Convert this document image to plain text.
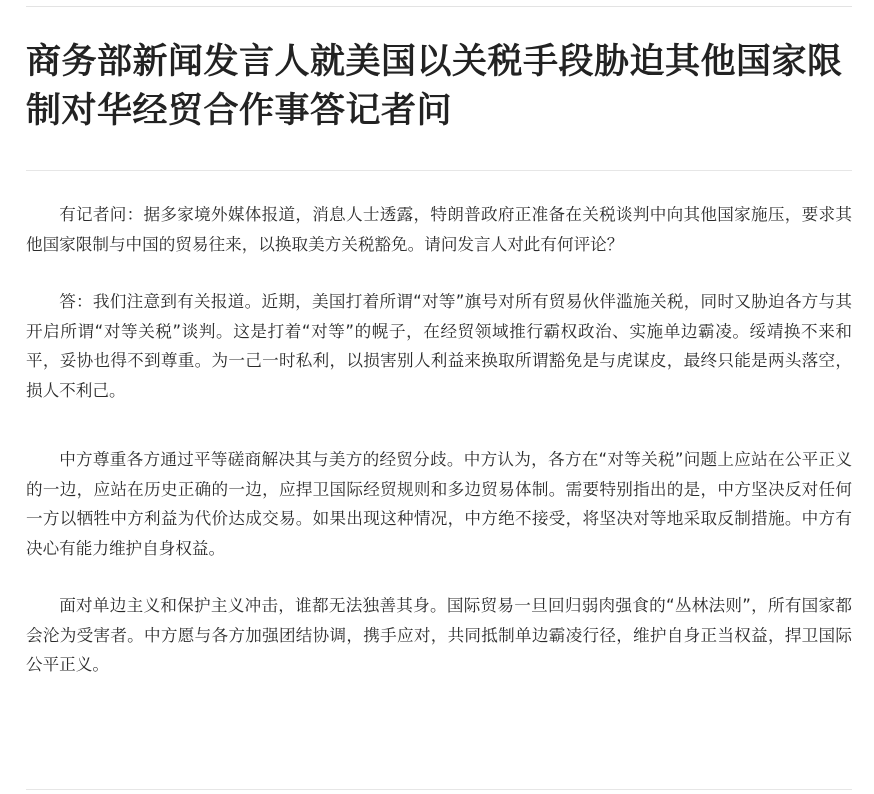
商务部新闻发言人就美国以关税手段胁迫其他国家限制对华经贸合作事答记者问

有记者问：据多家境外媒体报道，消息人士透露，特朗普政府正准备在关税谈判中向其他国家施压，要求其他国家限制与中国的贸易往来，以换取美方关税豁免。请问发言人对此有何评论？

答：我们注意到有关报道。近期，美国打着所谓“对等”旗号对所有贸易伙伴滥施关税，同时又胁迫各方与其开启所谓“对等关税”谈判。这是打着“对等”的幌子，在经贸领域推行霸权政治、实施单边霸凌。绥靖换不来和平，妥协也得不到尊重。为一己一时私利，以损害别人利益来换取所谓豁免是与虎谋皮，最终只能是两头落空，损人不利己。

中方尊重各方通过平等磋商解决其与美方的经贸分歧。中方认为，各方在“对等关税”问题上应站在公平正义的一边，应站在历史正确的一边，应捍卫国际经贸规则和多边贸易体制。需要特别指出的是，中方坚决反对任何一方以牺牲中方利益为代价达成交易。如果出现这种情况，中方绝不接受，将坚决对等地采取反制措施。中方有决心有能力维护自身权益。

面对单边主义和保护主义冲击，谁都无法独善其身。国际贸易一旦回归弱肉强食的“丛林法则”，所有国家都会沦为受害者。中方愿与各方加强团结协调，携手应对，共同抵制单边霸凌行径，维护自身正当权益，捍卫国际公平正义。
